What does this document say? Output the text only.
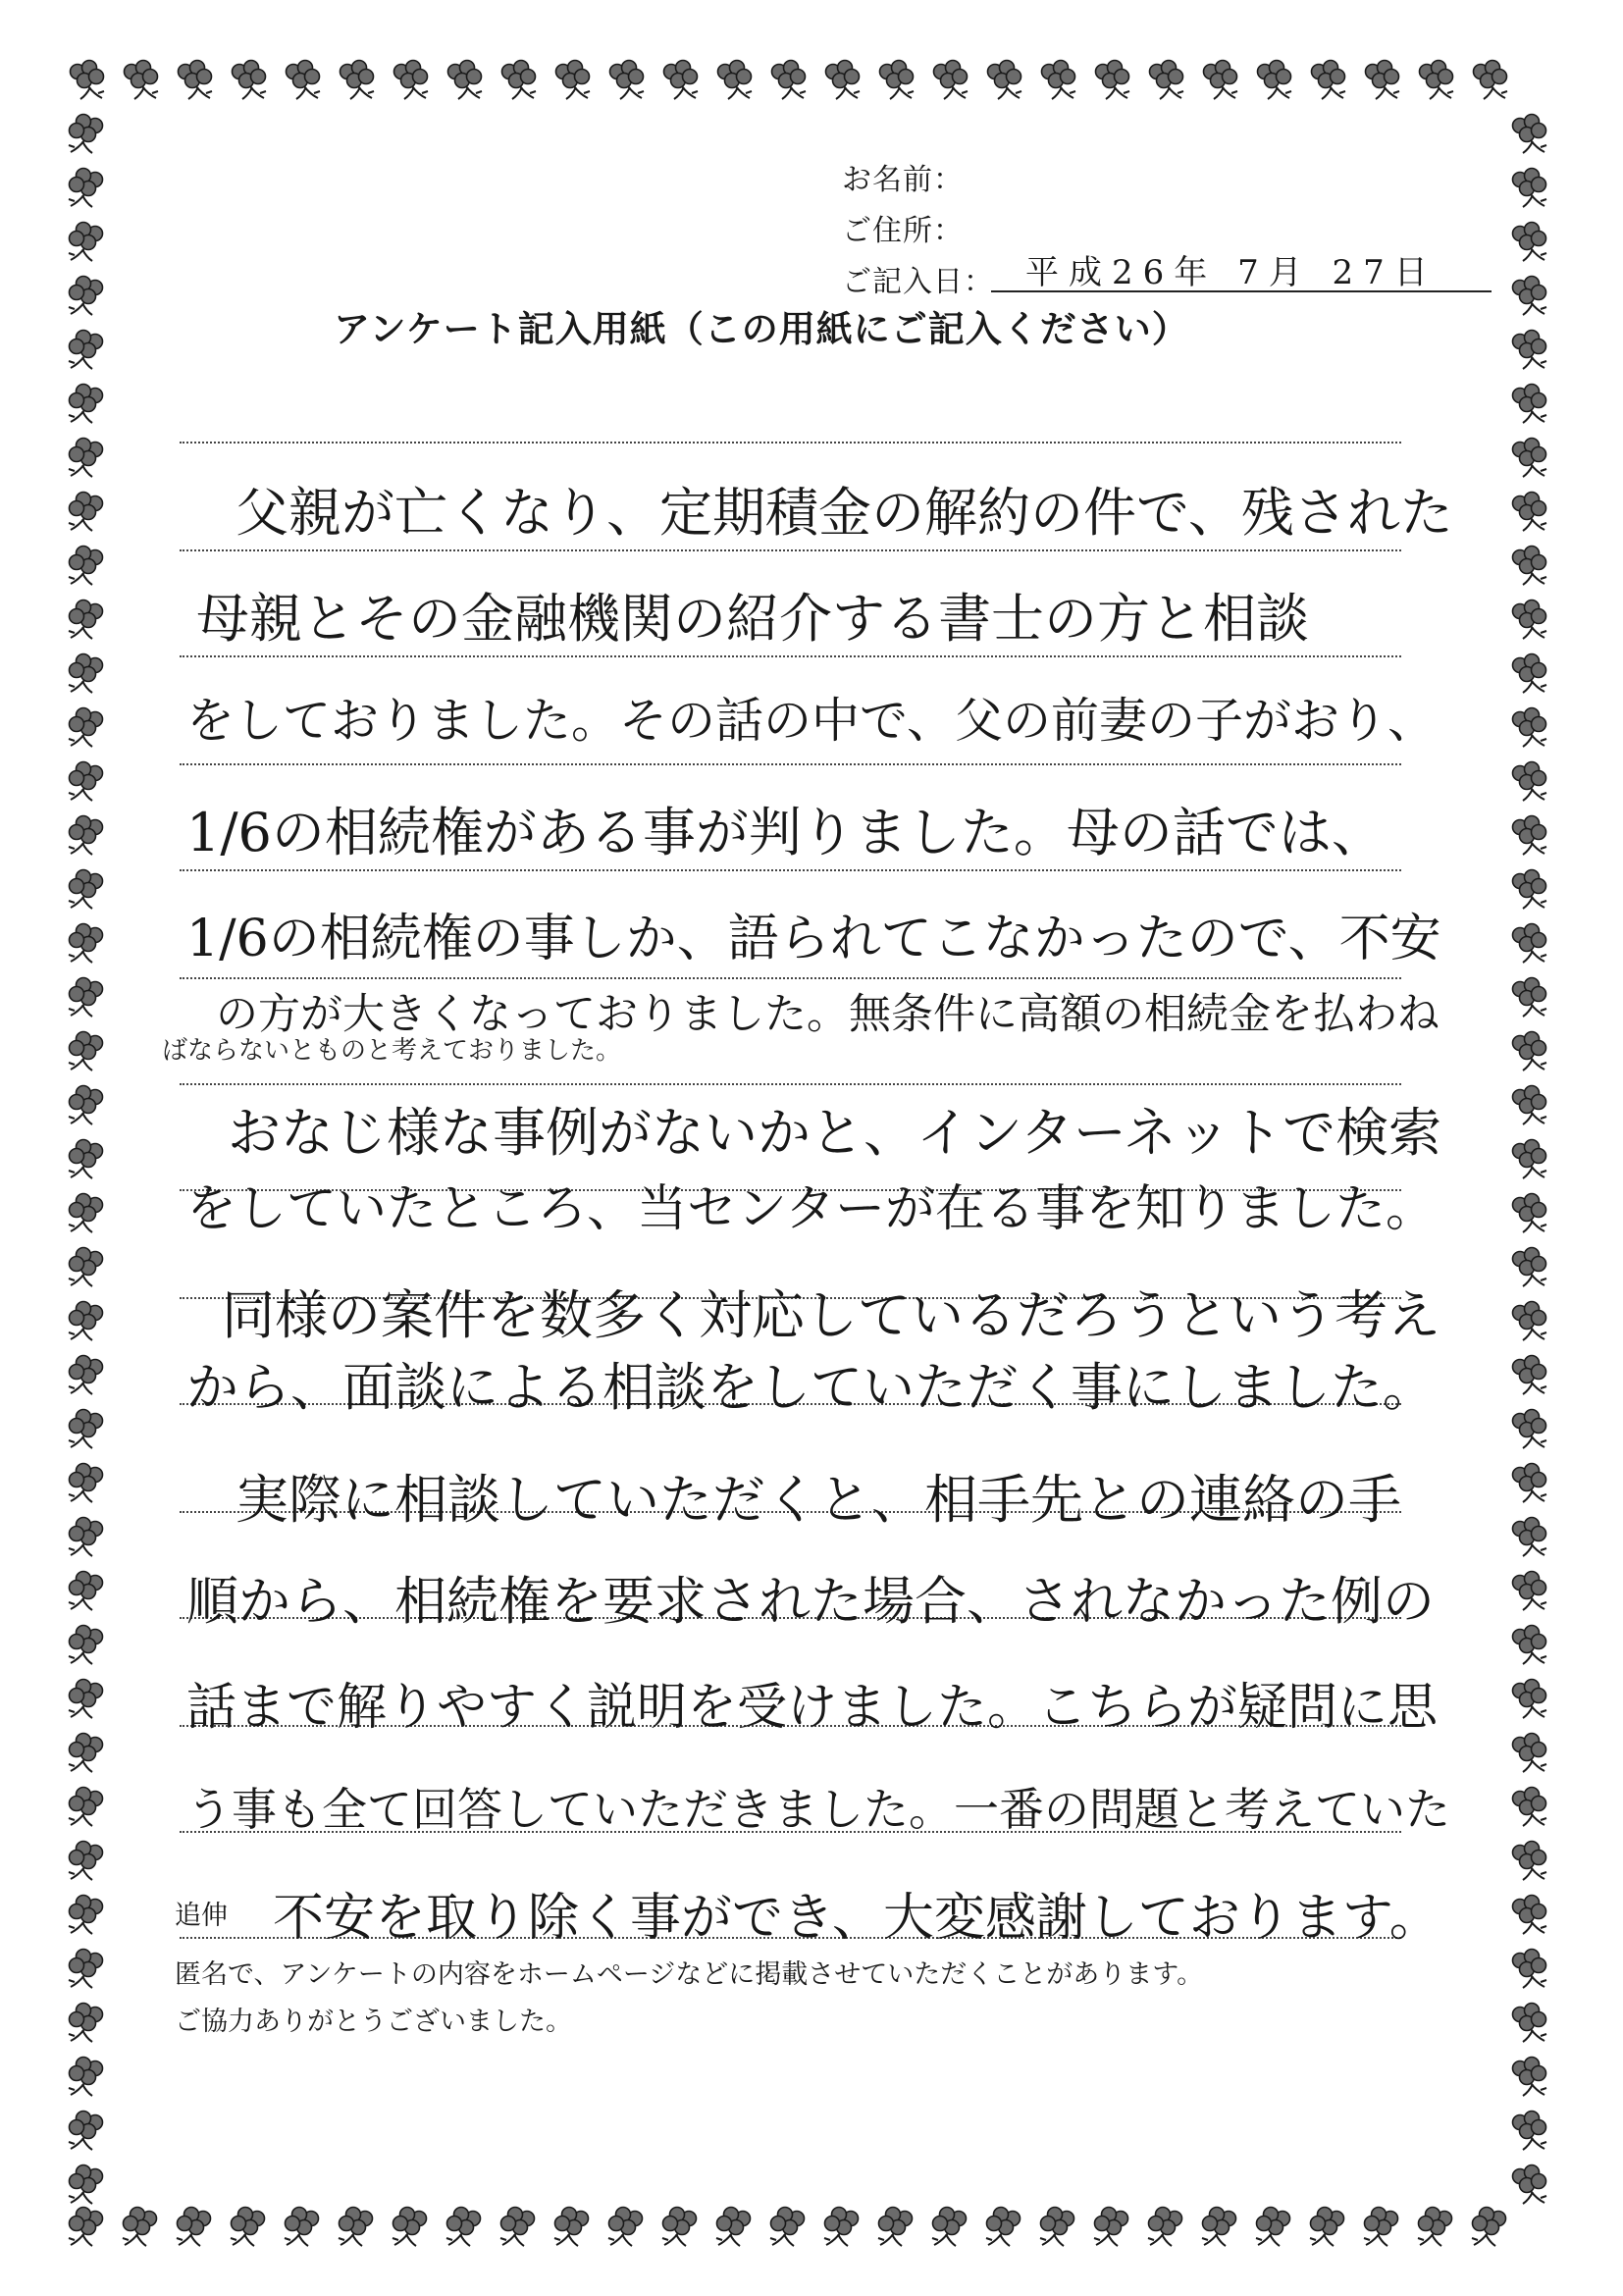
お名前：
ご住所：
ご記入日： 平成26年 7月 27日
アンケート記入用紙（この用紙にご記入ください）
父親が亡くなり、定期積金の解約の件で、残された
母親とその金融機関の紹介する書士の方と相談
をしておりました。その話の中で、父の前妻の子がおり、
1/6の相続権がある事が判りました。母の話では、
1/6の相続権の事しか、語られてこなかったので、不安
の方が大きくなっておりました。無条件に高額の相続金を払わね
ばならないとものと考えておりました。
おなじ様な事例がないかと、インターネットで検索
をしていたところ、当センターが在る事を知りました。
同様の案件を数多く対応しているだろうという考え
から、面談による相談をしていただく事にしました。
実際に相談していただくと、相手先との連絡の手
順から、相続権を要求された場合、されなかった例の
話まで解りやすく説明を受けました。こちらが疑問に思
う事も全て回答していただきました。一番の問題と考えていた
不安を取り除く事ができ、大変感謝しております。
追伸
匿名で、アンケートの内容をホームページなどに掲載させていただくことがあります。
ご協力ありがとうございました。
